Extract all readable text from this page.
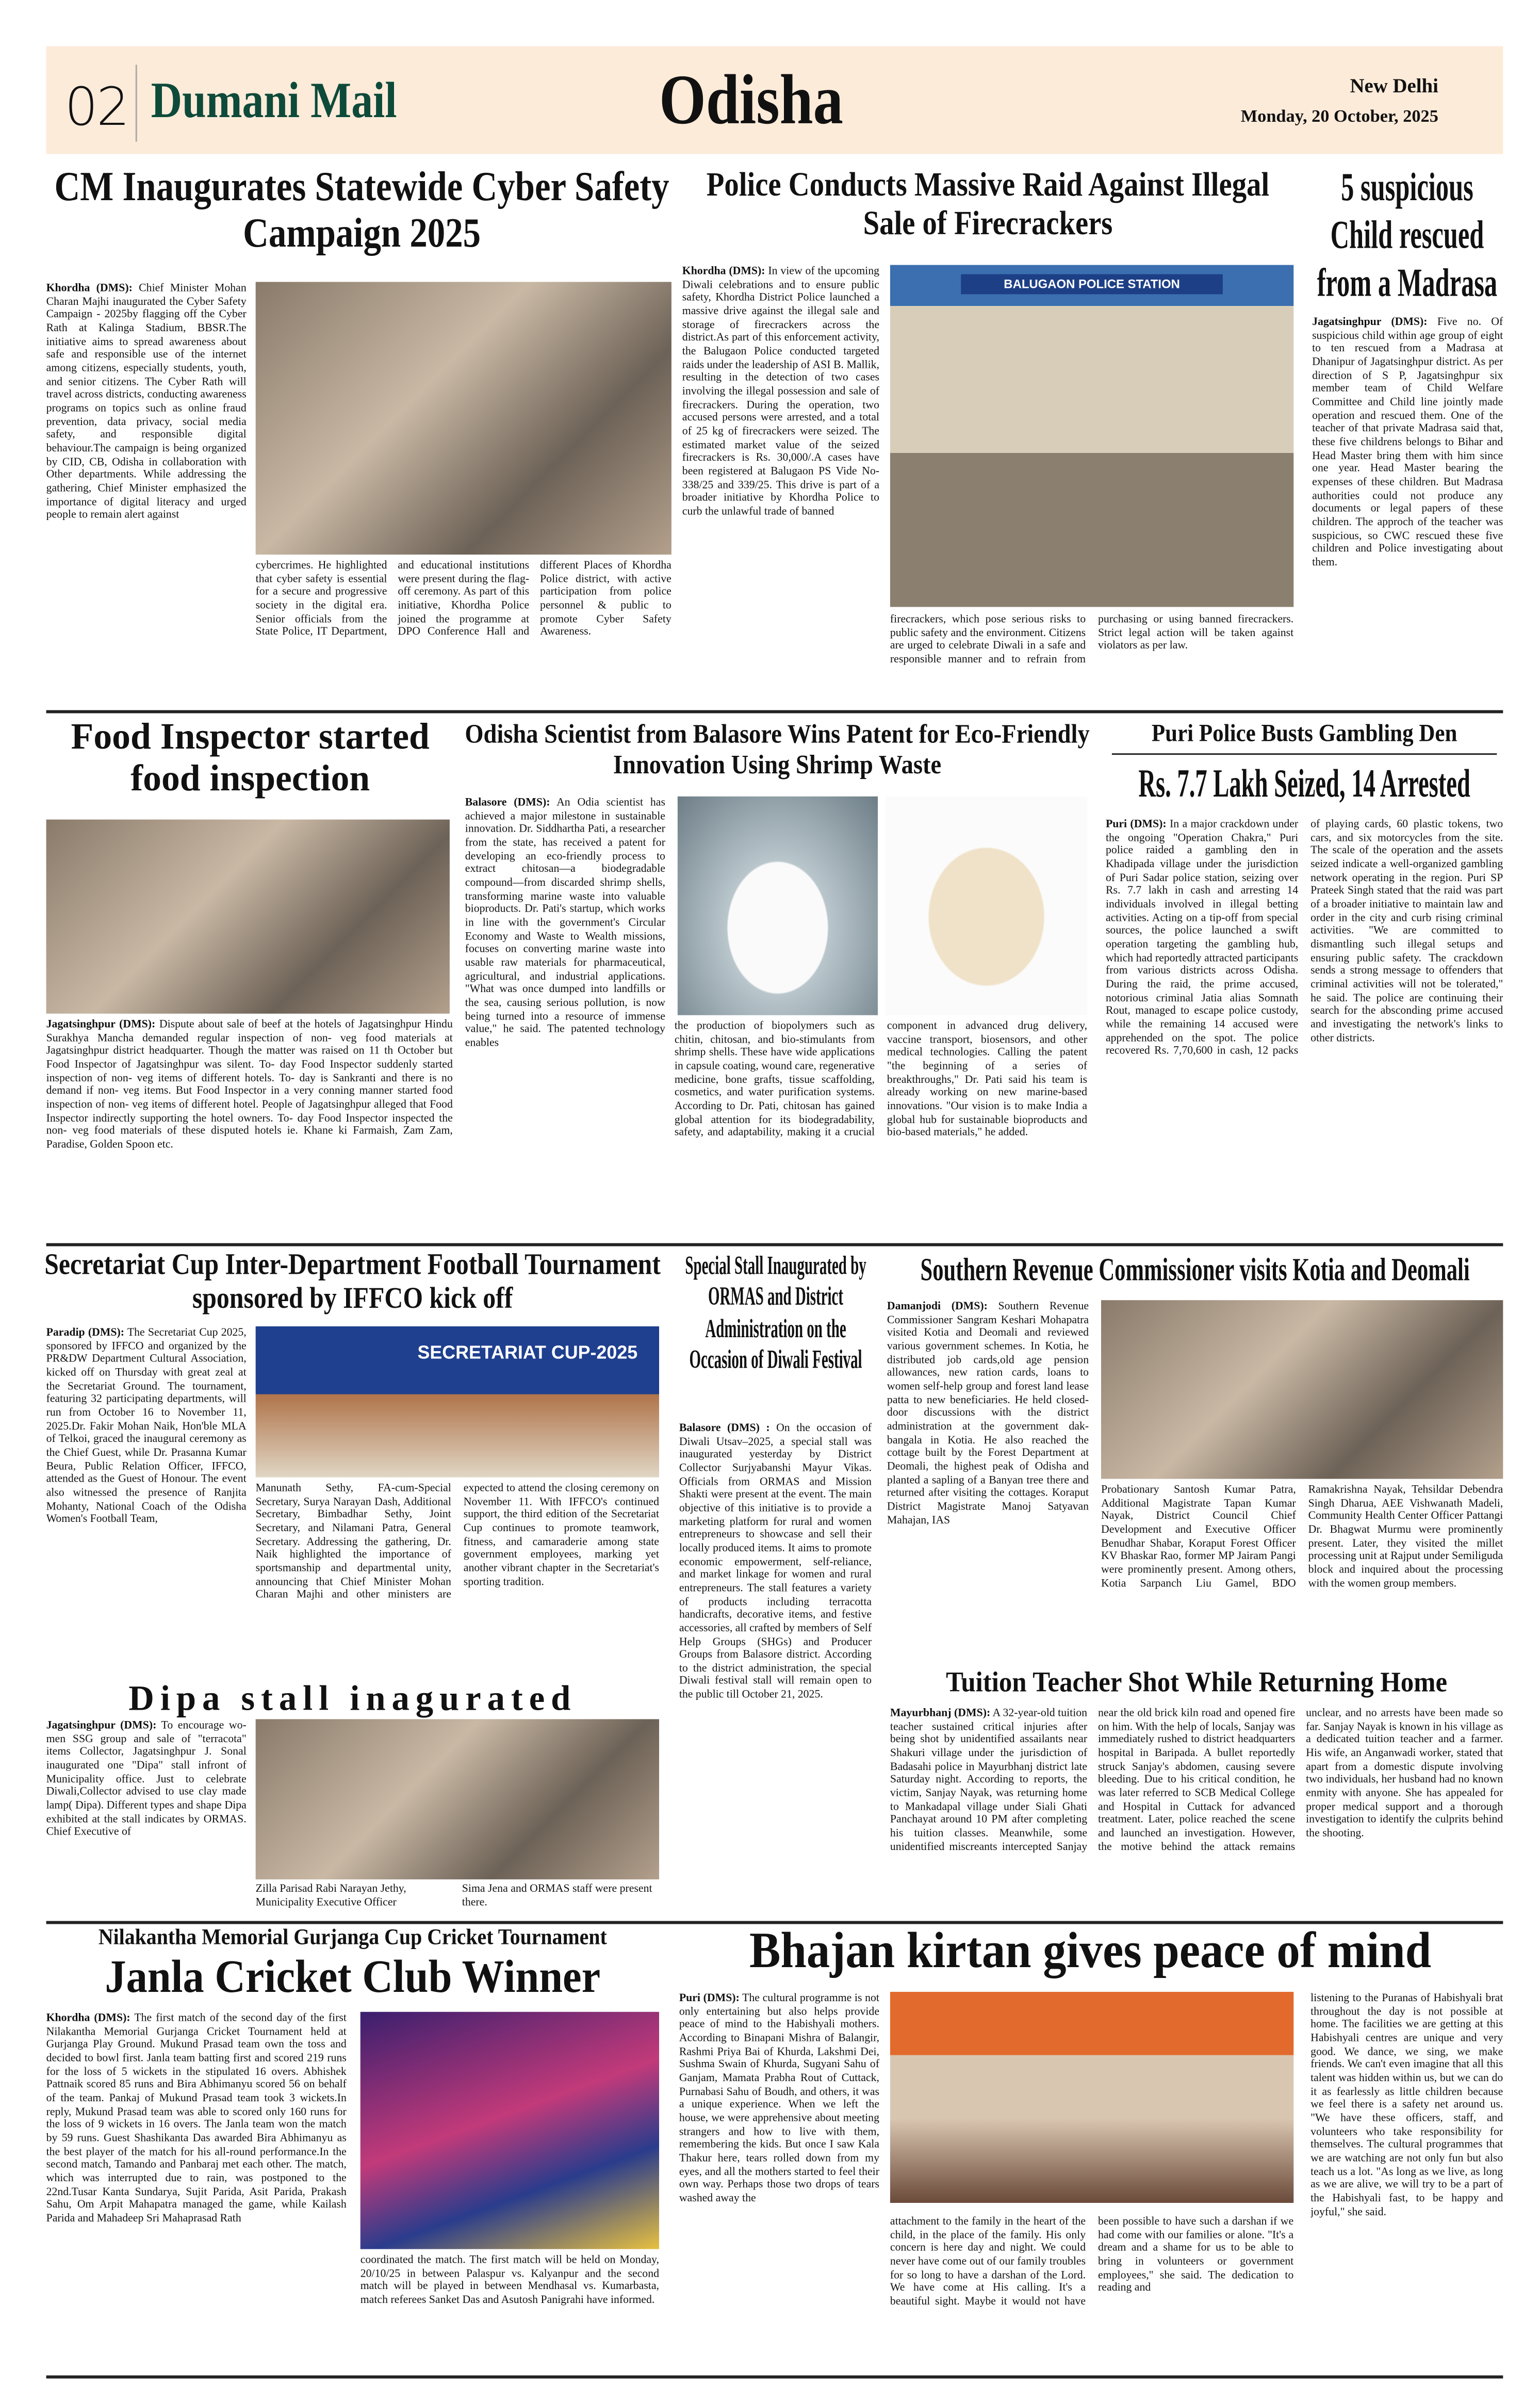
02 Dumani Mail	Odisha	New Delhi
Monday, 20 October, 2025
CM Inaugurates Statewide Cyber Safety Campaign 2025

Khordha (DMS): Chief Minister Mohan Charan Majhi inaugurated the Cyber Safety Campaign - 2025by flagging off the Cyber Rath at Kalinga Stadium, BBSR.The initiative aims to spread awareness about safe and responsible use of the internet among citizens, especially students, youth, and senior citizens. The Cyber Rath will travel across districts, conducting awareness programs on topics such as online fraud prevention, data privacy, social media safety, and responsible digital behaviour.The campaign is being organized by CID, CB, Odisha in collaboration with Other departments. While addressing the gathering, Chief Minister emphasized the importance of digital literacy and urged people to remain alert against

cybercrimes. He highlighted that cyber safety is essential for a secure and progressive society in the digital era. Senior officials from the State Police, IT Department, and educational institutions were present during the flag-off ceremony. As part of this initiative, Khordha Police joined the programme at DPO Conference Hall and different Places of Khordha Police district, with active participation from police personnel & public to promote Cyber Safety Awareness.

Police Conducts Massive Raid Against Illegal Sale of Firecrackers

Khordha (DMS): In view of the upcoming Diwali celebrations and to ensure public safety, Khordha District Police launched a massive drive against the illegal sale and storage of firecrackers across the district.As part of this enforcement activity, the Balugaon Police conducted targeted raids under the leadership of ASI B. Mallik, resulting in the detection of two cases involving the illegal possession and sale of firecrackers. During the operation, two accused persons were arrested, and a total of 25 kg of firecrackers were seized. The estimated market value of the seized firecrackers is Rs. 30,000/.A cases have been registered at Balugaon PS Vide No- 338/25 and 339/25. This drive is part of a broader initiative by Khordha Police to curb the unlawful trade of banned

BALUGAON POLICE STATION

firecrackers, which pose serious risks to public safety and the environment. Citizens are urged to celebrate Diwali in a safe and responsible manner and to refrain from purchasing or using banned firecrackers. Strict legal action will be taken against violators as per law.

5 suspicious Child rescued from a Madrasa

Jagatsinghpur (DMS): Five no. Of suspicious child within age group of eight to ten rescued from a Madrasa at Dhanipur of Jagatsinghpur district. As per direction of S P, Jagatsinghpur six member team of Child Welfare Committee and Child line jointly made operation and rescued them. One of the teacher of that private Madrasa said that, these five childrens belongs to Bihar and Head Master bring them with him since one year. Head Master bearing the expenses of these children. But Madrasa authorities could not produce any documents or legal papers of these children. The approch of the teacher was suspicious, so CWC rescued these five children and Police investigating about them.

Food Inspector started food inspection

Jagatsinghpur (DMS): Dispute about sale of beef at the hotels of Jagatsinghpur Hindu Surakhya Mancha demanded regular inspection of non- veg food materials at Jagatsinghpur district headquarter. Though the matter was raised on 11 th October but Food Inspector of Jagatsinghpur was silent. To- day Food Inspector suddenly started inspection of non- veg items of different hotels. To- day is Sankranti and there is no demand if non- veg items. But Food Inspector in a very conning manner started food inspection of non- veg items of different hotel. People of Jagatsinghpur alleged that Food Inspector indirectly supporting the hotel owners. To- day Food Inspector inspected the non- veg food materials of these disputed hotels ie. Khane ki Farmaish, Zam Zam, Paradise, Golden Spoon etc.

Odisha Scientist from Balasore Wins Patent for Eco-Friendly Innovation Using Shrimp Waste

Balasore (DMS): An Odia scientist has achieved a major milestone in sustainable innovation. Dr. Siddhartha Pati, a researcher from the state, has received a patent for developing an eco-friendly process to extract chitosan—a biodegradable compound—from discarded shrimp shells, transforming marine waste into valuable bioproducts. Dr. Pati's startup, which works in line with the government's Circular Economy and Waste to Wealth missions, focuses on converting marine waste into usable raw materials for pharmaceutical, agricultural, and industrial applications. "What was once dumped into landfills or the sea, causing serious pollution, is now being turned into a resource of immense value," he said. The patented technology enables

the production of biopolymers such as chitin, chitosan, and bio-stimulants from shrimp shells. These have wide applications in capsule coating, wound care, regenerative medicine, bone grafts, tissue scaffolding, cosmetics, and water purification systems. According to Dr. Pati, chitosan has gained global attention for its biodegradability, safety, and adaptability, making it a crucial component in advanced drug delivery, vaccine transport, biosensors, and other medical technologies. Calling the patent "the beginning of a series of breakthroughs," Dr. Pati said his team is already working on new marine-based innovations. "Our vision is to make India a global hub for sustainable bioproducts and bio-based materials," he added.

Puri Police Busts Gambling Den
Rs. 7.7 Lakh Seized, 14 Arrested

Puri (DMS): In a major crackdown under the ongoing "Operation Chakra," Puri police raided a gambling den in Khadipada village under the jurisdiction of Puri Sadar police station, seizing over Rs. 7.7 lakh in cash and arresting 14 individuals involved in illegal betting activities. Acting on a tip-off from special sources, the police launched a swift operation targeting the gambling hub, which had reportedly attracted participants from various districts across Odisha. During the raid, the prime accused, notorious criminal Jatia alias Somnath Rout, managed to escape police custody, while the remaining 14 accused were apprehended on the spot. The police recovered Rs. 7,70,600 in cash, 12 packs of playing cards, 60 plastic tokens, two cars, and six motorcycles from the site. The scale of the operation and the assets seized indicate a well-organized gambling network operating in the region. Puri SP Prateek Singh stated that the raid was part of a broader initiative to maintain law and order in the city and curb rising criminal activities. "We are committed to dismantling such illegal setups and ensuring public safety. The crackdown sends a strong message to offenders that criminal activities will not be tolerated," he said. The police are continuing their search for the absconding prime accused and investigating the network's links to other districts.

Secretariat Cup Inter-Department Football Tournament sponsored by IFFCO kick off

Paradip (DMS): The Secretariat Cup 2025, sponsored by IFFCO and organized by the PR&DW Department Cultural Association, kicked off on Thursday with great zeal at the Secretariat Ground. The tournament, featuring 32 participating departments, will run from October 16 to November 11, 2025.Dr. Fakir Mohan Naik, Hon'ble MLA of Telkoi, graced the inaugural ceremony as the Chief Guest, while Dr. Prasanna Kumar Beura, Public Relation Officer, IFFCO, attended as the Guest of Honour. The event also witnessed the presence of Ranjita Mohanty, National Coach of the Odisha Women's Football Team,

SECRETARIAT CUP-2025

Manunath Sethy, FA-cum-Special Secretary, Surya Narayan Dash, Additional Secretary, Bimbadhar Sethy, Joint Secretary, and Nilamani Patra, General Secretary. Addressing the gathering, Dr. Naik highlighted the importance of sportsmanship and departmental unity, announcing that Chief Minister Mohan Charan Majhi and other ministers are expected to attend the closing ceremony on November 11. With IFFCO's continued support, the third edition of the Secretariat Cup continues to promote teamwork, fitness, and camaraderie among state government employees, marking yet another vibrant chapter in the Secretariat's sporting tradition.

Special Stall Inaugurated by ORMAS and District Administration on the Occasion of Diwali Festival

Balasore (DMS) : On the occasion of Diwali Utsav–2025, a special stall was inaugurated yesterday by District Collector Surjyabanshi Mayur Vikas. Officials from ORMAS and Mission Shakti were present at the event. The main objective of this initiative is to provide a marketing platform for rural and women entrepreneurs to showcase and sell their locally produced items. It aims to promote economic empowerment, self-reliance, and market linkage for women and rural entrepreneurs. The stall features a variety of products including terracotta handicrafts, decorative items, and festive accessories, all crafted by members of Self Help Groups (SHGs) and Producer Groups from Balasore district. According to the district administration, the special Diwali festival stall will remain open to the public till October 21, 2025.

Southern Revenue Commissioner visits Kotia and Deomali

Damanjodi (DMS): Southern Revenue Commissioner Sangram Keshari Mohapatra visited Kotia and Deomali and reviewed various government schemes. In Kotia, he distributed job cards,old age pension allowances, new ration cards, loans to women self-help group and forest land lease patta to new beneficiaries. He held closed-door discussions with the district administration at the government dak-bangala in Kotia. He also reached the cottage built by the Forest Department at Deomali, the highest peak of Odisha and planted a sapling of a Banyan tree there and returned after visiting the cottages. Koraput District Magistrate Manoj Satyavan Mahajan, IAS

Probationary Santosh Kumar Patra, Additional Magistrate Tapan Kumar Nayak, District Council Chief Development and Executive Officer Benudhar Shabar, Koraput Forest Officer KV Bhaskar Rao, former MP Jairam Pangi were prominently present. Among others, Kotia Sarpanch Liu Gamel, BDO Ramakrishna Nayak, Tehsildar Debendra Singh Dharua, AEE Vishwanath Madeli, Community Health Center Officer Pattangi Dr. Bhagwat Murmu were prominently present. Later, they visited the millet processing unit at Rajput under Semiliguda block and inquired about the processing with the women group members.

Dipa stall inagurated

Jagatsinghpur (DMS): To encourage wo- men SSG group and sale of "terracota" items Collector, Jagatsinghpur J. Sonal inaugurated one "Dipa" stall infront of Municipality office. Just to celebrate Diwali,Collector advised to use clay made lamp( Dipa). Different types and shape Dipa exhibited at the stall indicates by ORMAS. Chief Executive of

Zilla Parisad Rabi Narayan Jethy, Municipality Executive Officer
Sima Jena and ORMAS staff were present there.
Tuition Teacher Shot While Returning Home

Mayurbhanj (DMS): A 32-year-old tuition teacher sustained critical injuries after being shot by unidentified assailants near Shakuri village under the jurisdiction of Badasahi police in Mayurbhanj district late Saturday night. According to reports, the victim, Sanjay Nayak, was returning home to Mankadapal village under Siali Ghati Panchayat around 10 PM after completing his tuition classes. Meanwhile, some unidentified miscreants intercepted Sanjay near the old brick kiln road and opened fire on him. With the help of locals, Sanjay was immediately rushed to district headquarters hospital in Baripada. A bullet reportedly struck Sanjay's abdomen, causing severe bleeding. Due to his critical condition, he was later referred to SCB Medical College and Hospital in Cuttack for advanced treatment. Later, police reached the scene and launched an investigation. However, the motive behind the attack remains unclear, and no arrests have been made so far. Sanjay Nayak is known in his village as a dedicated tuition teacher and a farmer. His wife, an Anganwadi worker, stated that apart from a domestic dispute involving two individuals, her husband had no known enmity with anyone. She has appealed for proper medical support and a thorough investigation to identify the culprits behind the shooting.

Nilakantha Memorial Gurjanga Cup Cricket Tournament
Janla Cricket Club Winner

Khordha (DMS): The first match of the second day of the first Nilakantha Memorial Gurjanga Cricket Tournament held at Gurjanga Play Ground. Mukund Prasad team own the toss and decided to bowl first. Janla team batting first and scored 219 runs for the loss of 5 wickets in the stipulated 16 overs. Abhishek Pattnaik scored 85 runs and Bira Abhimanyu scored 56 on behalf of the team. Pankaj of Mukund Prasad team took 3 wickets.In reply, Mukund Prasad team was able to scored only 160 runs for the loss of 9 wickets in 16 overs. The Janla team won the match by 59 runs. Guest Shashikanta Das awarded Bira Abhimanyu as the best player of the match for his all-round performance.In the second match, Tamando and Panbaraj met each other. The match, which was interrupted due to rain, was postponed to the 22nd.Tusar Kanta Sundarya, Sujit Parida, Asit Parida, Prakash Sahu, Om Arpit Mahapatra managed the game, while Kailash Parida and Mahadeep Sri Mahaprasad Rath

coordinated the match. The first match will be held on Monday, 20/10/25 in between Palaspur vs. Kalyanpur and the second match will be played in between Mendhasal vs. Kumarbasta, match referees Sanket Das and Asutosh Panigrahi have informed.

Bhajan kirtan gives peace of mind

Puri (DMS): The cultural programme is not only entertaining but also helps provide peace of mind to the Habishyali mothers. According to Binapani Mishra of Balangir, Rashmi Priya Bai of Khurda, Lakshmi Dei, Sushma Swain of Khurda, Sugyani Sahu of Ganjam, Mamata Prabha Rout of Cuttack, Purnabasi Sahu of Boudh, and others, it was a unique experience. When we left the house, we were apprehensive about meeting strangers and how to live with them, remembering the kids. But once I saw Kala Thakur here, tears rolled down from my eyes, and all the mothers started to feel their own way. Perhaps those two drops of tears washed away the

attachment to the family in the heart of the child, in the place of the family. His only concern is here day and night. We could never have come out of our family troubles for so long to have a darshan of the Lord. We have come at His calling. It's a beautiful sight. Maybe it would not have been possible to have such a darshan if we had come with our families or alone. "It's a dream and a shame for us to be able to bring in volunteers or government employees," she said. The dedication to reading and

listening to the Puranas of Habishyali brat throughout the day is not possible at home. The facilities we are getting at this Habishyali centres are unique and very good. We dance, we sing, we make friends. We can't even imagine that all this talent was hidden within us, but we can do it as fearlessly as little children because we feel there is a safety net around us. "We have these officers, staff, and volunteers who take responsibility for themselves. The cultural programmes that we are watching are not only fun but also teach us a lot. "As long as we live, as long as we are alive, we will try to be a part of the Habishyali fast, to be happy and joyful," she said.
